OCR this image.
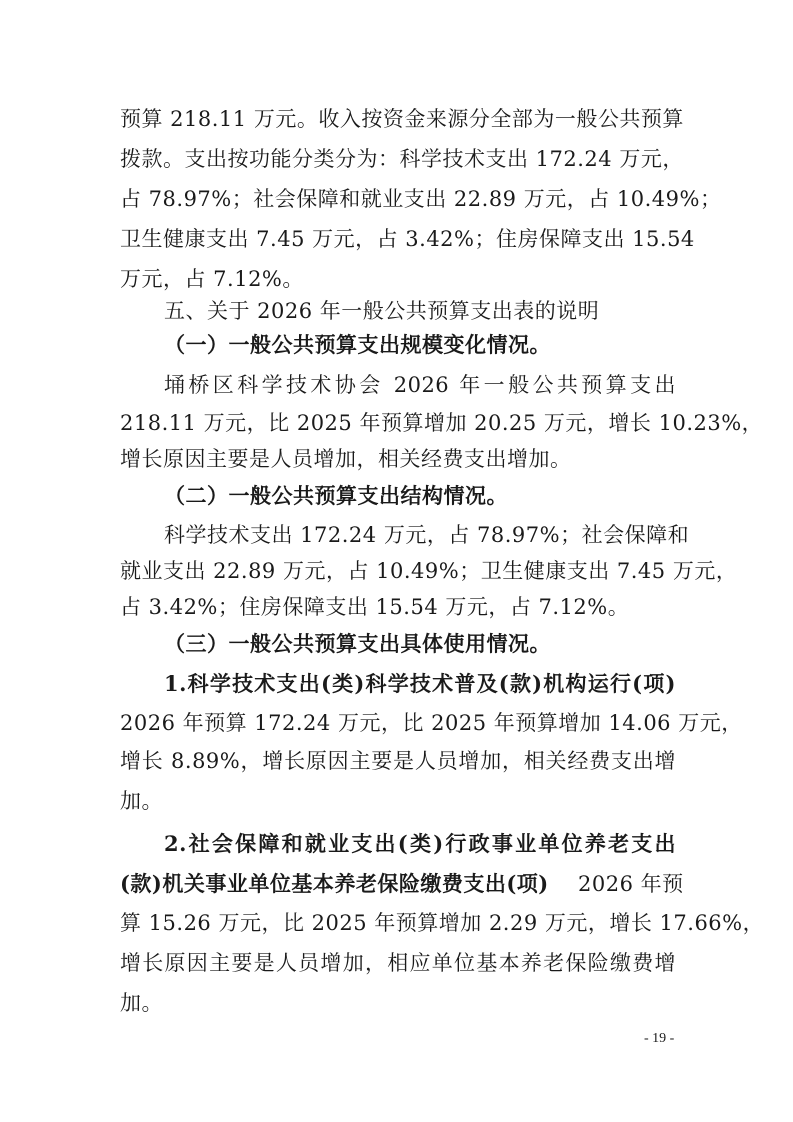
预算 218.11 万元。收入按资金来源分全部为一般公共预算
拨款。支出按功能分类分为：科学技术支出 172.24 万元，
占 78.97%；社会保障和就业支出 22.89 万元，占 10.49%；
卫生健康支出 7.45 万元，占 3.42%；住房保障支出 15.54
万元，占 7.12%。
五、关于 2026 年一般公共预算支出表的说明
（一）一般公共预算支出规模变化情况。
埇桥区科学技术协会 2026 年一般公共预算支出
218.11 万元，比 2025 年预算增加 20.25 万元，增长 10.23%，
增长原因主要是人员增加，相关经费支出增加。
（二）一般公共预算支出结构情况。
科学技术支出 172.24 万元，占 78.97%；社会保障和
就业支出 22.89 万元，占 10.49%；卫生健康支出 7.45 万元，
占 3.42%；住房保障支出 15.54 万元，占 7.12%。
（三）一般公共预算支出具体使用情况。
1.科学技术支出(类)科学技术普及(款)机构运行(项)
2026 年预算 172.24 万元，比 2025 年预算增加 14.06 万元，
增长 8.89%，增长原因主要是人员增加，相关经费支出增
加。
2.社会保障和就业支出(类)行政事业单位养老支出
(款)机关事业单位基本养老保险缴费支出(项) 2026 年预
算 15.26 万元，比 2025 年预算增加 2.29 万元，增长 17.66%，
增长原因主要是人员增加，相应单位基本养老保险缴费增
加。
- 19 -
